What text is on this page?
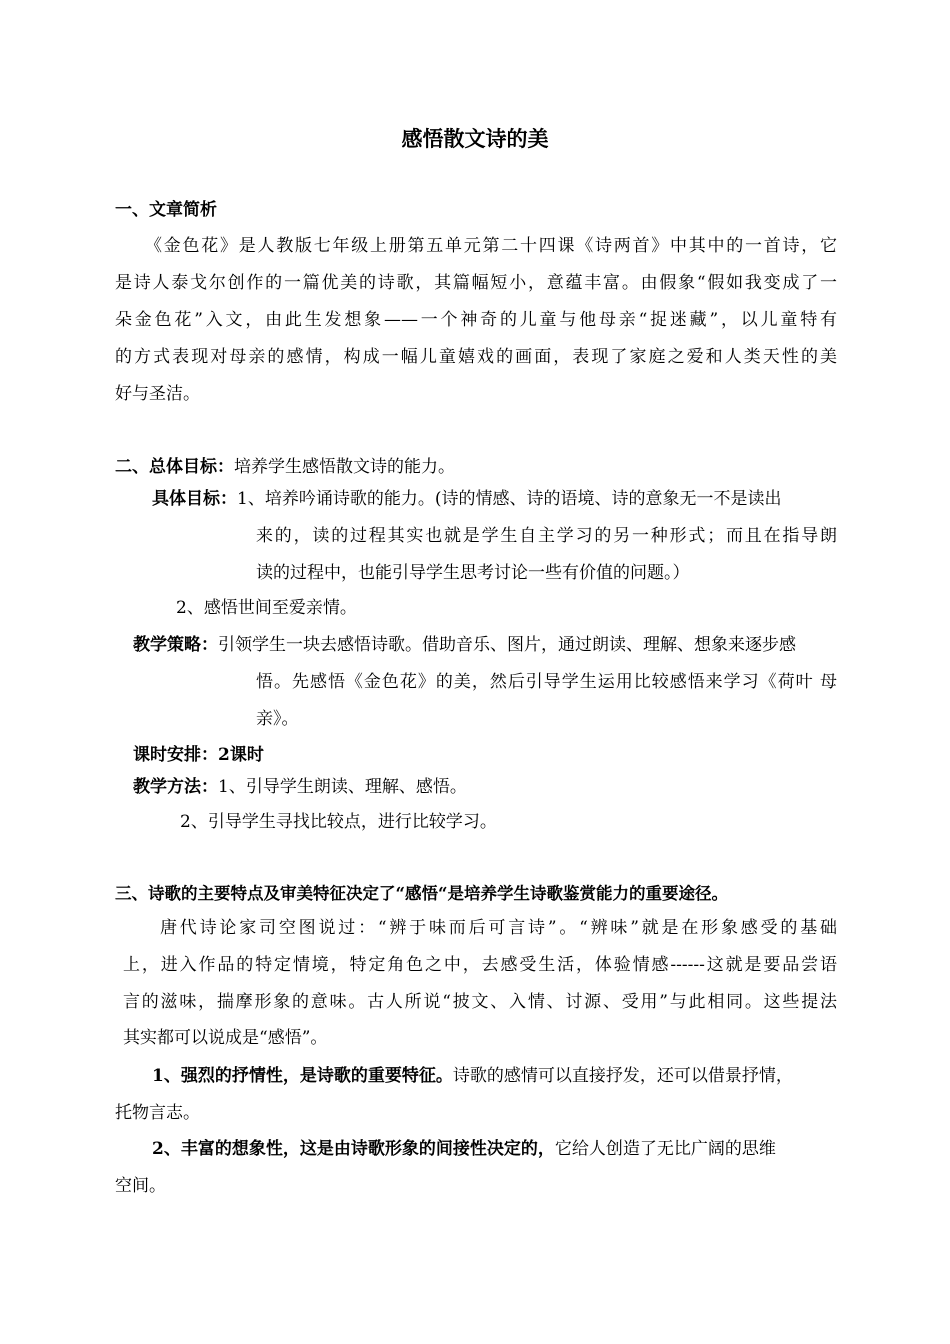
感悟散文诗的美
一、文章简析
《金色花》是人教版七年级上册第五单元第二十四课《诗两首》中其中的一首诗，它
是诗人泰戈尔创作的一篇优美的诗歌，其篇幅短小，意蕴丰富。由假象“假如我变成了一
朵金色花”入文，由此生发想象——一个神奇的儿童与他母亲“捉迷藏”，以儿童特有
的方式表现对母亲的感情，构成一幅儿童嬉戏的画面，表现了家庭之爱和人类天性的美
好与圣洁。
二、总体目标：培养学生感悟散文诗的能力。
具体目标：1、培养吟诵诗歌的能力。(诗的情感、诗的语境、诗的意象无一不是读出
来的，读的过程其实也就是学生自主学习的另一种形式；而且在指导朗
读的过程中，也能引导学生思考讨论一些有价值的问题。）
2、感悟世间至爱亲情。
教学策略：引领学生一块去感悟诗歌。借助音乐、图片，通过朗读、理解、想象来逐步感
悟。先感悟《金色花》的美，然后引导学生运用比较感悟来学习《荷叶 母
亲》。
课时安排：2课时
教学方法：1、引导学生朗读、理解、感悟。
2、引导学生寻找比较点，进行比较学习。
三、诗歌的主要特点及审美特征决定了“感悟“是培养学生诗歌鉴赏能力的重要途径。
唐代诗论家司空图说过：“辨于味而后可言诗”。“辨味”就是在形象感受的基础
上，进入作品的特定情境，特定角色之中，去感受生活，体验情感------这就是要品尝语
言的滋味，揣摩形象的意味。古人所说“披文、入情、讨源、受用”与此相同。这些提法
其实都可以说成是“感悟”。
1、强烈的抒情性，是诗歌的重要特征。诗歌的感情可以直接抒发，还可以借景抒情，
托物言志。
2、丰富的想象性，这是由诗歌形象的间接性决定的，它给人创造了无比广阔的思维
空间。
